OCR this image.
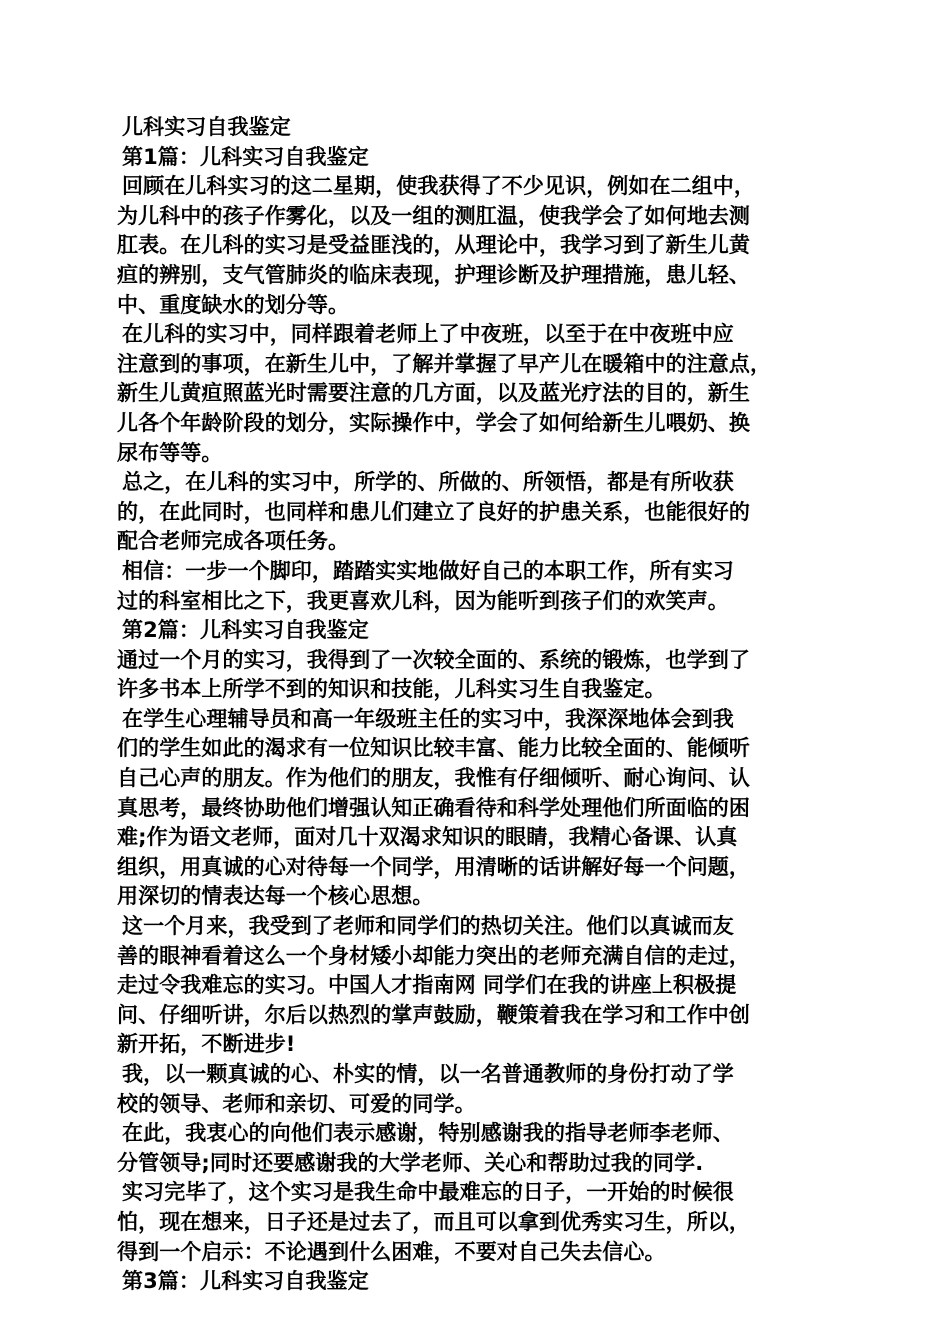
儿科实习自我鉴定
第1篇：儿科实习自我鉴定
回顾在儿科实习的这二星期，使我获得了不少见识，例如在二组中，
为儿科中的孩子作雾化，以及一组的测肛温，使我学会了如何地去测
肛表。在儿科的实习是受益匪浅的，从理论中，我学习到了新生儿黄
疸的辨别，支气管肺炎的临床表现，护理诊断及护理措施，患儿轻、
中、重度缺水的划分等。
在儿科的实习中，同样跟着老师上了中夜班，以至于在中夜班中应
注意到的事项，在新生儿中，了解并掌握了早产儿在暖箱中的注意点，
新生儿黄疸照蓝光时需要注意的几方面，以及蓝光疗法的目的，新生
儿各个年龄阶段的划分，实际操作中，学会了如何给新生儿喂奶、换
尿布等等。
总之，在儿科的实习中，所学的、所做的、所领悟，都是有所收获
的，在此同时，也同样和患儿们建立了良好的护患关系，也能很好的
配合老师完成各项任务。
相信：一步一个脚印，踏踏实实地做好自己的本职工作，所有实习
过的科室相比之下，我更喜欢儿科，因为能听到孩子们的欢笑声。
第2篇：儿科实习自我鉴定
通过一个月的实习，我得到了一次较全面的、系统的锻炼，也学到了
许多书本上所学不到的知识和技能，儿科实习生自我鉴定。
在学生心理辅导员和高一年级班主任的实习中，我深深地体会到我
们的学生如此的渴求有一位知识比较丰富、能力比较全面的、能倾听
自己心声的朋友。作为他们的朋友，我惟有仔细倾听、耐心询问、认
真思考，最终协助他们增强认知正确看待和科学处理他们所面临的困
难;作为语文老师，面对几十双渴求知识的眼睛，我精心备课、认真
组织，用真诚的心对待每一个同学，用清晰的话讲解好每一个问题，
用深切的情表达每一个核心思想。
这一个月来，我受到了老师和同学们的热切关注。他们以真诚而友
善的眼神看着这么一个身材矮小却能力突出的老师充满自信的走过，
走过令我难忘的实习。中国人才指南网 同学们在我的讲座上积极提
问、仔细听讲，尔后以热烈的掌声鼓励，鞭策着我在学习和工作中创
新开拓，不断进步!
我，以一颗真诚的心、朴实的情，以一名普通教师的身份打动了学
校的领导、老师和亲切、可爱的同学。
在此，我衷心的向他们表示感谢，特别感谢我的指导老师李老师、
分管领导;同时还要感谢我的大学老师、关心和帮助过我的同学.
实习完毕了，这个实习是我生命中最难忘的日子，一开始的时候很
怕，现在想来，日子还是过去了，而且可以拿到优秀实习生，所以，
得到一个启示：不论遇到什么困难，不要对自己失去信心。
第3篇：儿科实习自我鉴定
